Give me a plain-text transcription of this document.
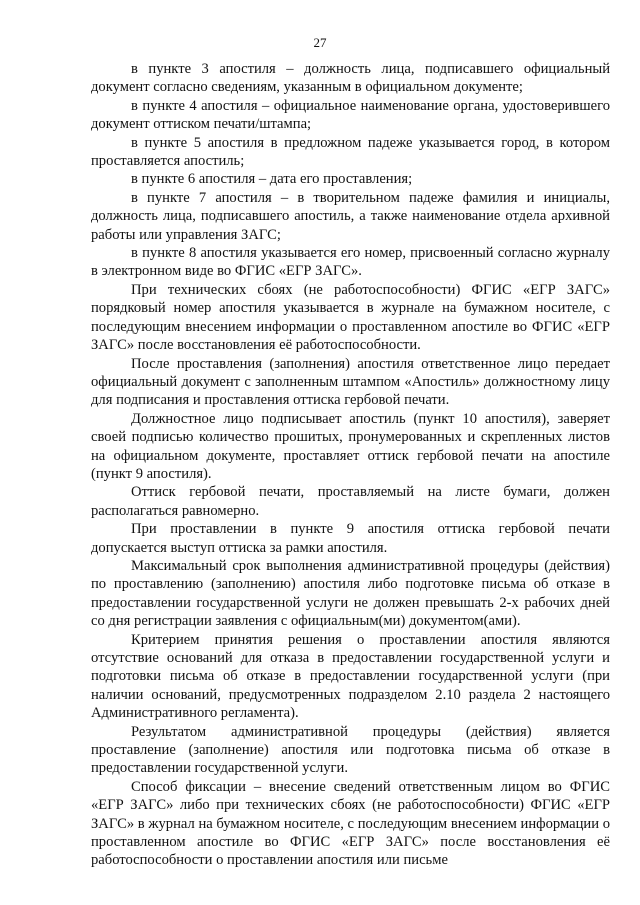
27

в пункте 3 апостиля – должность лица, подписавшего официальный документ согласно сведениям, указанным в официальном документе;

в пункте 4 апостиля – официальное наименование органа, удостоверившего документ оттиском печати/штампа;

в пункте 5 апостиля в предложном падеже указывается город, в котором проставляется апостиль;

в пункте 6 апостиля – дата его проставления;

в пункте 7 апостиля – в творительном падеже фамилия и инициалы, должность лица, подписавшего апостиль, а также наименование отдела архивной работы или управления ЗАГС;

в пункте 8 апостиля указывается его номер, присвоенный согласно журналу в электронном виде во ФГИС «ЕГР ЗАГС».

При технических сбоях (не работоспособности) ФГИС «ЕГР ЗАГС» порядковый номер апостиля указывается в журнале на бумажном носителе, с последующим внесением информации о проставленном апостиле во ФГИС «ЕГР ЗАГС» после восстановления её работоспособности.

После проставления (заполнения) апостиля ответственное лицо передает официальный документ с заполненным штампом «Апостиль» должностному лицу для подписания и проставления оттиска гербовой печати.

Должностное лицо подписывает апостиль (пункт 10 апостиля), заверяет своей подписью количество прошитых, пронумерованных и скрепленных листов на официальном документе, проставляет оттиск гербовой печати на апостиле (пункт 9 апостиля).

Оттиск гербовой печати, проставляемый на листе бумаги, должен располагаться равномерно.

При проставлении в пункте 9 апостиля оттиска гербовой печати допускается выступ оттиска за рамки апостиля.

Максимальный срок выполнения административной процедуры (действия) по проставлению (заполнению) апостиля либо подготовке письма об отказе в предоставлении государственной услуги не должен превышать 2-х рабочих дней со дня регистрации заявления с официальным(ми) документом(ами).

Критерием принятия решения о проставлении апостиля являются отсутствие оснований для отказа в предоставлении государственной услуги и подготовки письма об отказе в предоставлении государственной услуги (при наличии оснований, предусмотренных подразделом 2.10 раздела 2 настоящего Административного регламента).

Результатом административной процедуры (действия) является проставление (заполнение) апостиля или подготовка письма об отказе в предоставлении государственной услуги.

Способ фиксации – внесение сведений ответственным лицом во ФГИС «ЕГР ЗАГС» либо при технических сбоях (не работоспособности) ФГИС «ЕГР ЗАГС» в журнал на бумажном носителе, с последующим внесением информации о проставленном апостиле во ФГИС «ЕГР ЗАГС» после восстановления её работоспособности о проставлении апостиля или письме
